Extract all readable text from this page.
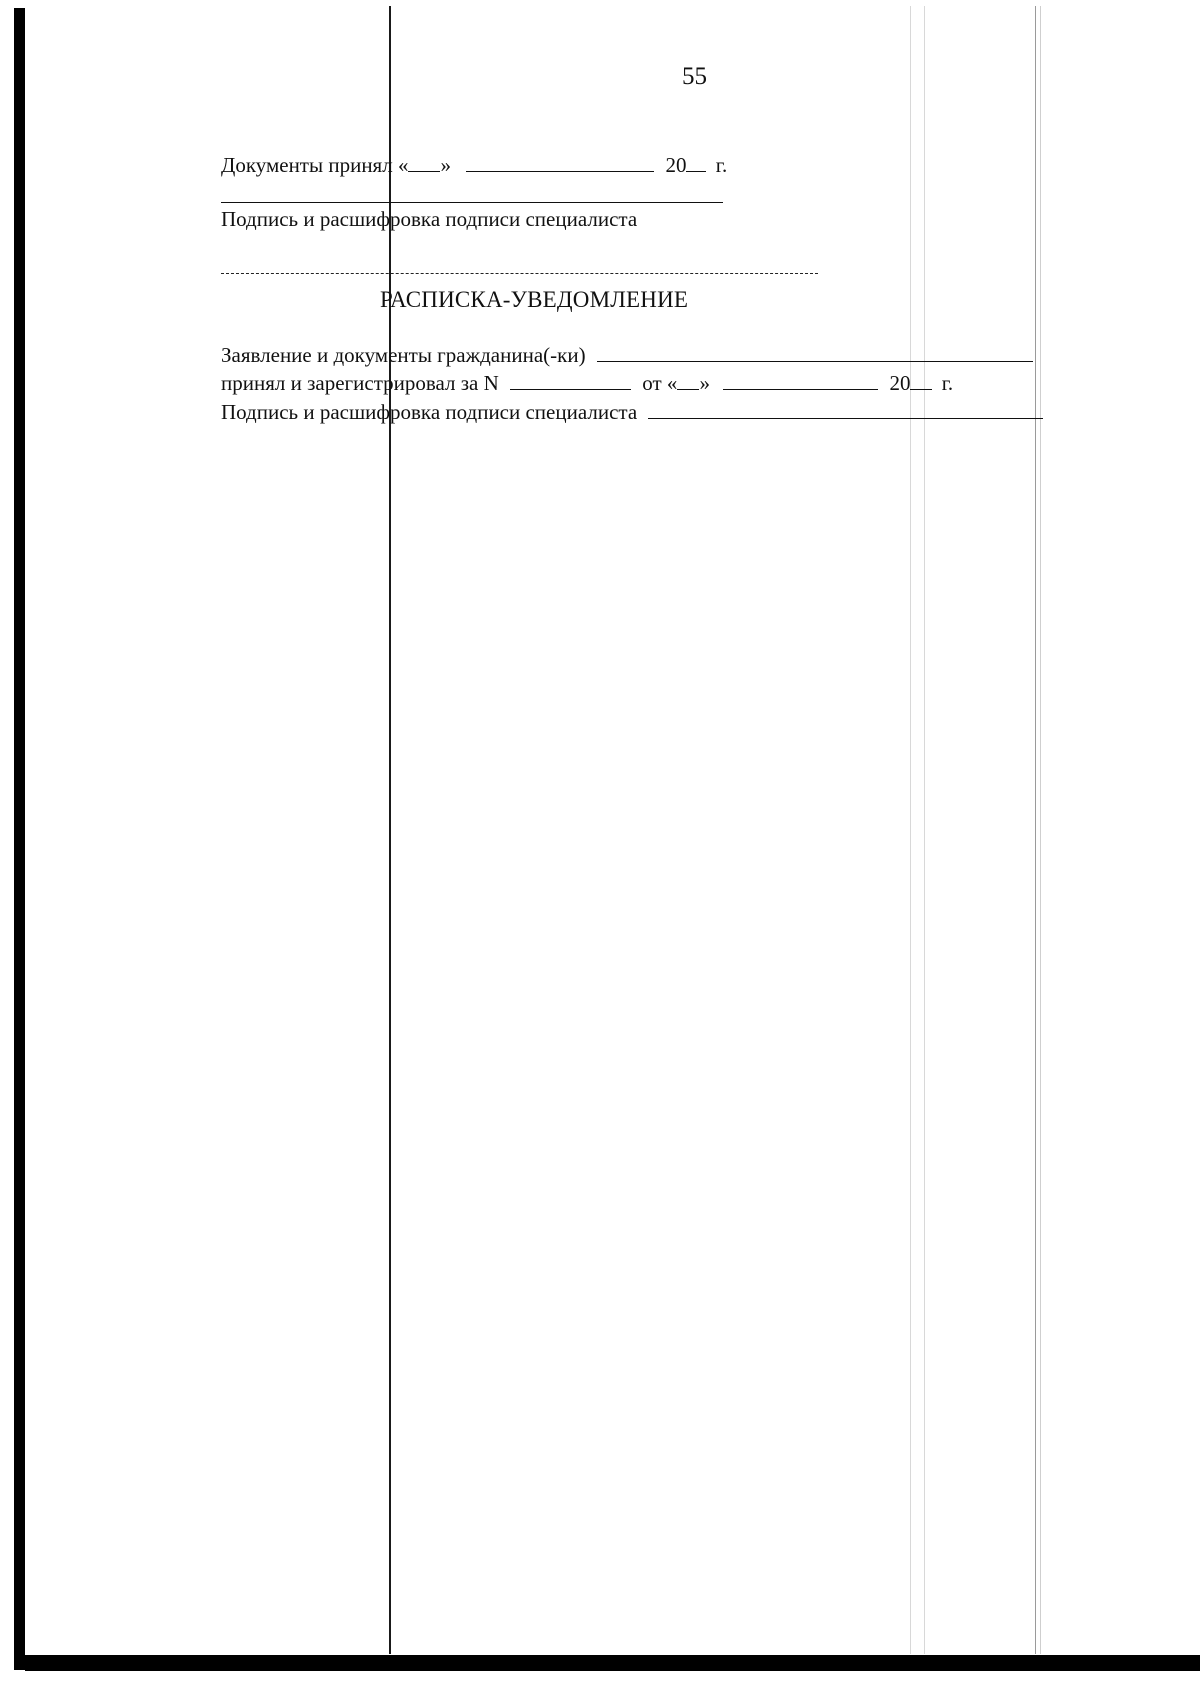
55
Документы принял « »	20 г.
Подпись и расшифровка подписи специалиста
РАСПИСКА-УВЕДОМЛЕНИЕ
Заявление и документы гражданина(-ки)
принял и зарегистрировал за N	от « »	20 г.
Подпись и расшифровка подписи специалиста
